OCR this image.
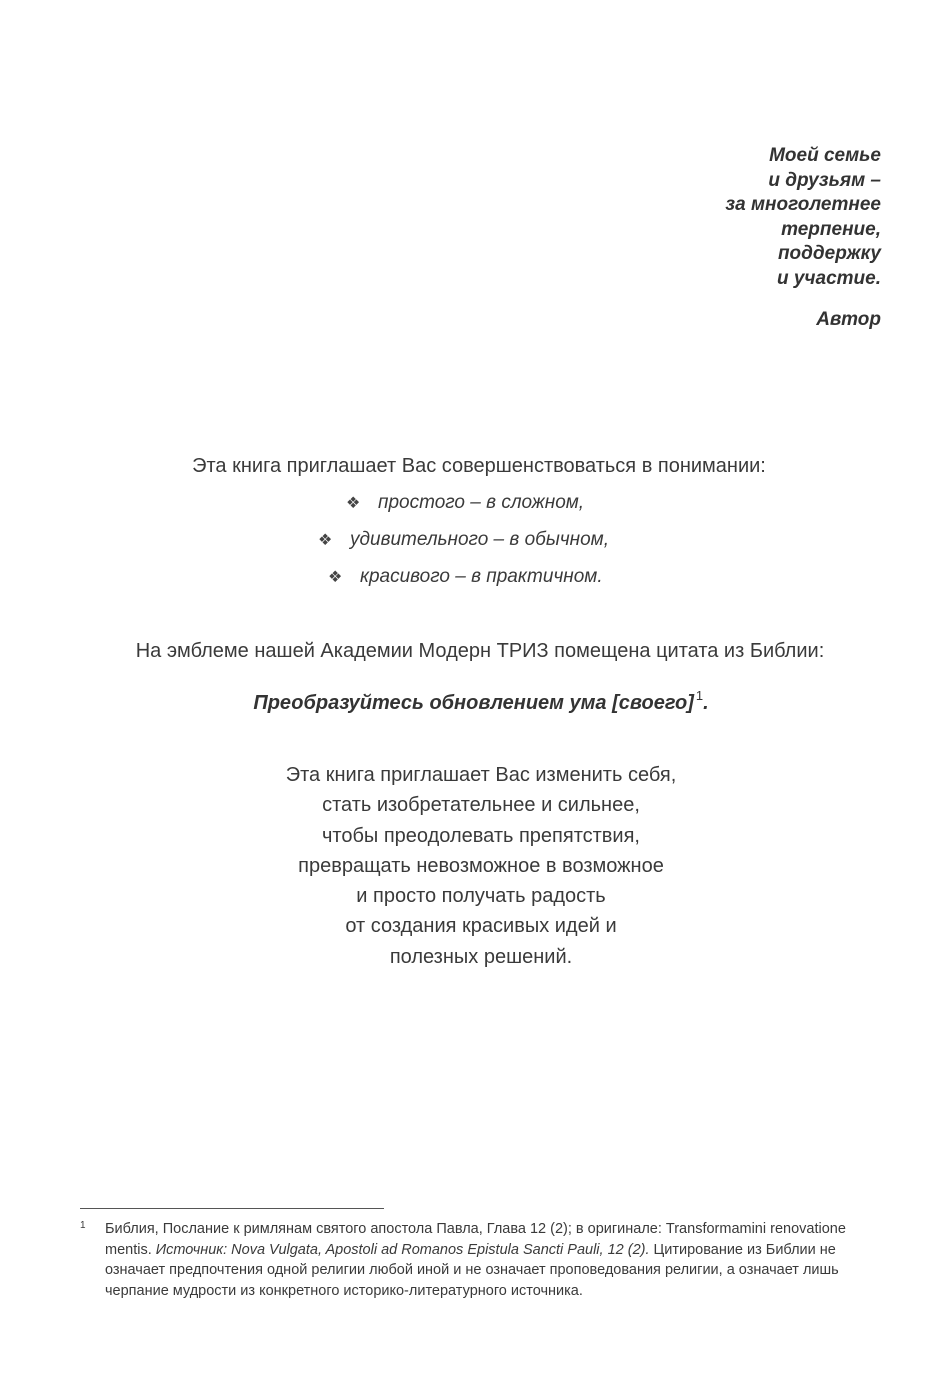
Моей семье
и друзьям –
за многолетнее
терпение,
поддержку
и участие.
Автор
Эта книга приглашает Вас совершенствоваться в понимании:
❖ простого – в сложном,
❖ удивительного – в обычном,
❖ красивого – в практичном.
На эмблеме нашей Академии Модерн ТРИЗ помещена цитата из Библии:
Преобразуйтесь обновлением ума [своего] $^1$.
Эта книга приглашает Вас изменить себя,
стать изобретательнее и сильнее,
чтобы преодолевать препятствия,
превращать невозможное в возможное
и просто получать радость
от создания красивых идей и
полезных решений.
1 Библия, Послание к римлянам святого апостола Павла, Глава 12 (2); в оригинале: Transformamini renovatione mentis. Источник: Nova Vulgata, Apostoli ad Romanos Epistula Sancti Pauli, 12 (2). Цитирование из Библии не означает предпочтения одной религии любой иной и не означает проповедования религии, а означает лишь черпание мудрости из конкретного историко-литературного источника.
